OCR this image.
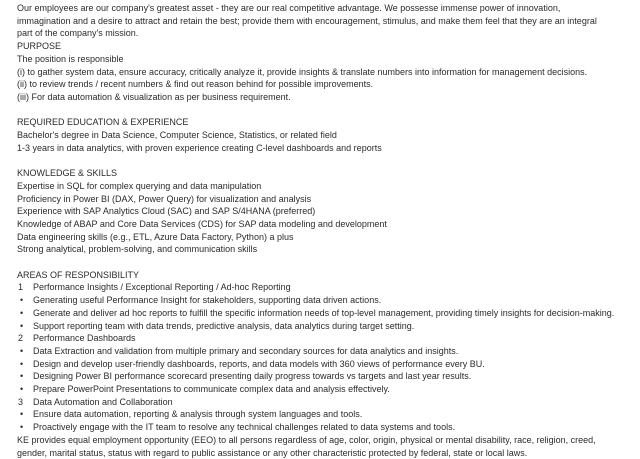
Our employees are our company's greatest asset - they are our real competitive advantage. We possesse immense power of innovation, immagination and a desire to attract and retain the best; provide them with encouragement, stimulus, and make them feel that they are an integral part of the company's mission.
PURPOSE
The position is responsible
(i) to gather system data, ensure accuracy, critically analyze it, provide insights & translate numbers into information for management decisions.
(ii) to review trends / recent numbers & find out reason behind for possible improvements.
(iii) For data automation & visualization as per business requirement.
REQUIRED EDUCATION & EXPERIENCE
Bachelor's degree in Data Science, Computer Science, Statistics, or related field
1-3 years in data analytics, with proven experience creating C-level dashboards and reports
KNOWLEDGE & SKILLS
Expertise in SQL for complex querying and data manipulation
Proficiency in Power BI (DAX, Power Query) for visualization and analysis
Experience with SAP Analytics Cloud (SAC) and SAP S/4HANA (preferred)
Knowledge of ABAP and Core Data Services (CDS) for SAP data modeling and development
Data engineering skills (e.g., ETL, Azure Data Factory, Python) a plus
Strong analytical, problem-solving, and communication skills
AREAS OF RESPONSIBILITY
1	Performance Insights / Exceptional Reporting / Ad-hoc Reporting
•	Generating useful Performance Insight for stakeholders, supporting data driven actions.
•	Generate and deliver ad hoc reports to fulfill the specific information needs of top-level management, providing timely insights for decision-making.
•	Support reporting team with data trends, predictive analysis, data analytics during target setting.
2	Performance Dashboards
•	Data Extraction and validation from multiple primary and secondary sources for data analytics and insights.
•	Design and develop user-friendly dashboards, reports, and data models with 360 views of performance every BU.
•	Designing Power BI performance scorecard presenting daily progress towards vs targets and last year results.
•	Prepare PowerPoint Presentations to communicate complex data and analysis effectively.
3	Data Automation and Collaboration
•	Ensure data automation, reporting & analysis through system languages and tools.
•	Proactively engage with the IT team to resolve any technical challenges related to data systems and tools.
KE provides equal employment opportunity (EEO) to all persons regardless of age, color, origin, physical or mental disability, race, religion, creed, gender, marital status, status with regard to public assistance or any other characteristic protected by federal, state or local laws.
